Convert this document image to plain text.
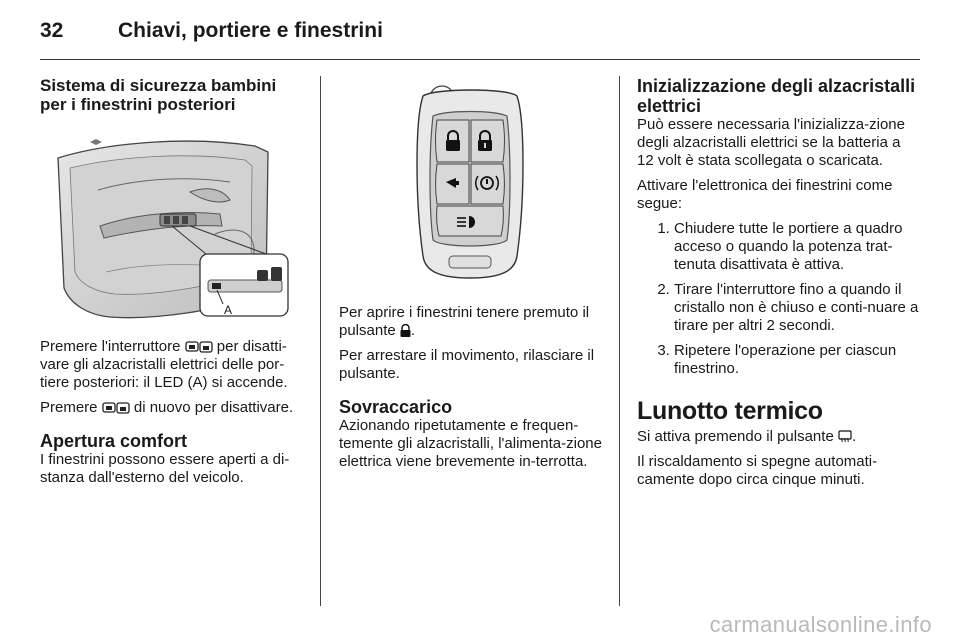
32	Chiavi, portiere e finestrini
Sistema di sicurezza bambini per i finestrini posteriori
A

Premere l'interruttore per disatti-vare gli alzacristalli elettrici delle por-tiere posteriori: il LED (A) si accende.

Premere di nuovo per disattivare.

Apertura comfort

I finestrini possono essere aperti a di-stanza dall'esterno del veicolo.

Per aprire i finestrini tenere premuto il pulsante .

Per arrestare il movimento, rilasciare il pulsante.

Sovraccarico

Azionando ripetutamente e frequen-temente gli alzacristalli, l'alimenta-zione elettrica viene brevemente in-terrotta.

Inizializzazione degli alzacristalli elettrici

Può essere necessaria l'inizializza-zione degli alzacristalli elettrici se la batteria a 12 volt è stata scollegata o scaricata.

Attivare l'elettronica dei finestrini come segue:

1. Chiudere tutte le portiere a quadro acceso o quando la potenza trat-tenuta disattivata è attiva.
2. Tirare l'interruttore fino a quando il cristallo non è chiuso e conti-nuare a tirare per altri 2 secondi.
3. Ripetere l'operazione per ciascun finestrino.
Lunotto termico

Si attiva premendo il pulsante .

Il riscaldamento si spegne automati-camente dopo circa cinque minuti.

carmanualsonline.info
